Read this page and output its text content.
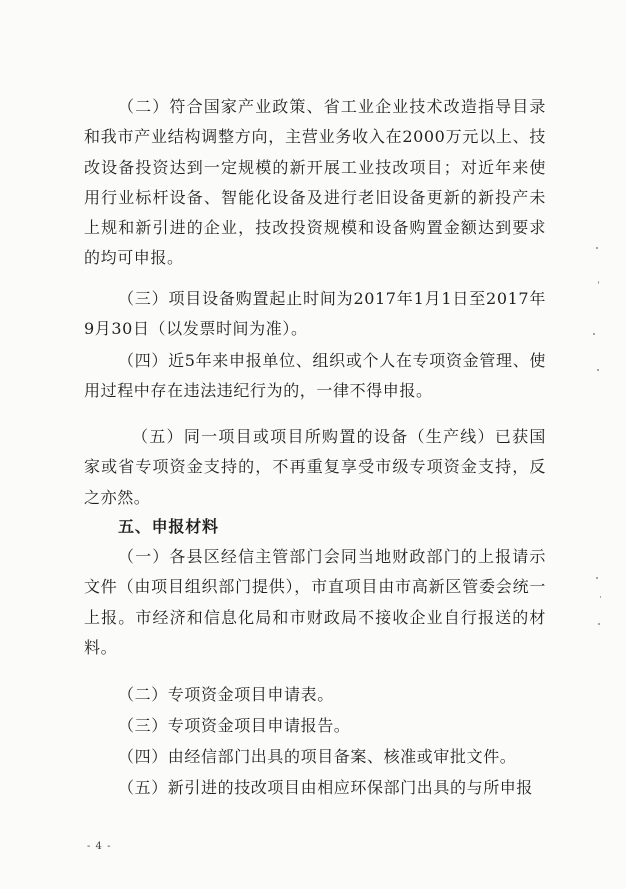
（二）符合国家产业政策、省工业企业技术改造指导目录和我市产业结构调整方向，主营业务收入在2000万元以上、技改设备投资达到一定规模的新开展工业技改项目；对近年来使用行业标杆设备、智能化设备及进行老旧设备更新的新投产未上规和新引进的企业，技改投资规模和设备购置金额达到要求的均可申报。

（三）项目设备购置起止时间为2017年1月1日至2017年9月30日（以发票时间为准）。

（四）近5年来申报单位、组织或个人在专项资金管理、使用过程中存在违法违纪行为的，一律不得申报。

（五）同一项目或项目所购置的设备（生产线）已获国家或省专项资金支持的，不再重复享受市级专项资金支持，反之亦然。

五、申报材料

（一）各县区经信主管部门会同当地财政部门的上报请示文件（由项目组织部门提供），市直项目由市高新区管委会统一上报。市经济和信息化局和市财政局不接收企业自行报送的材料。

（二）专项资金项目申请表。

（三）专项资金项目申请报告。

（四）由经信部门出具的项目备案、核准或审批文件。

（五）新引进的技改项目由相应环保部门出具的与所申报

- 4 -
